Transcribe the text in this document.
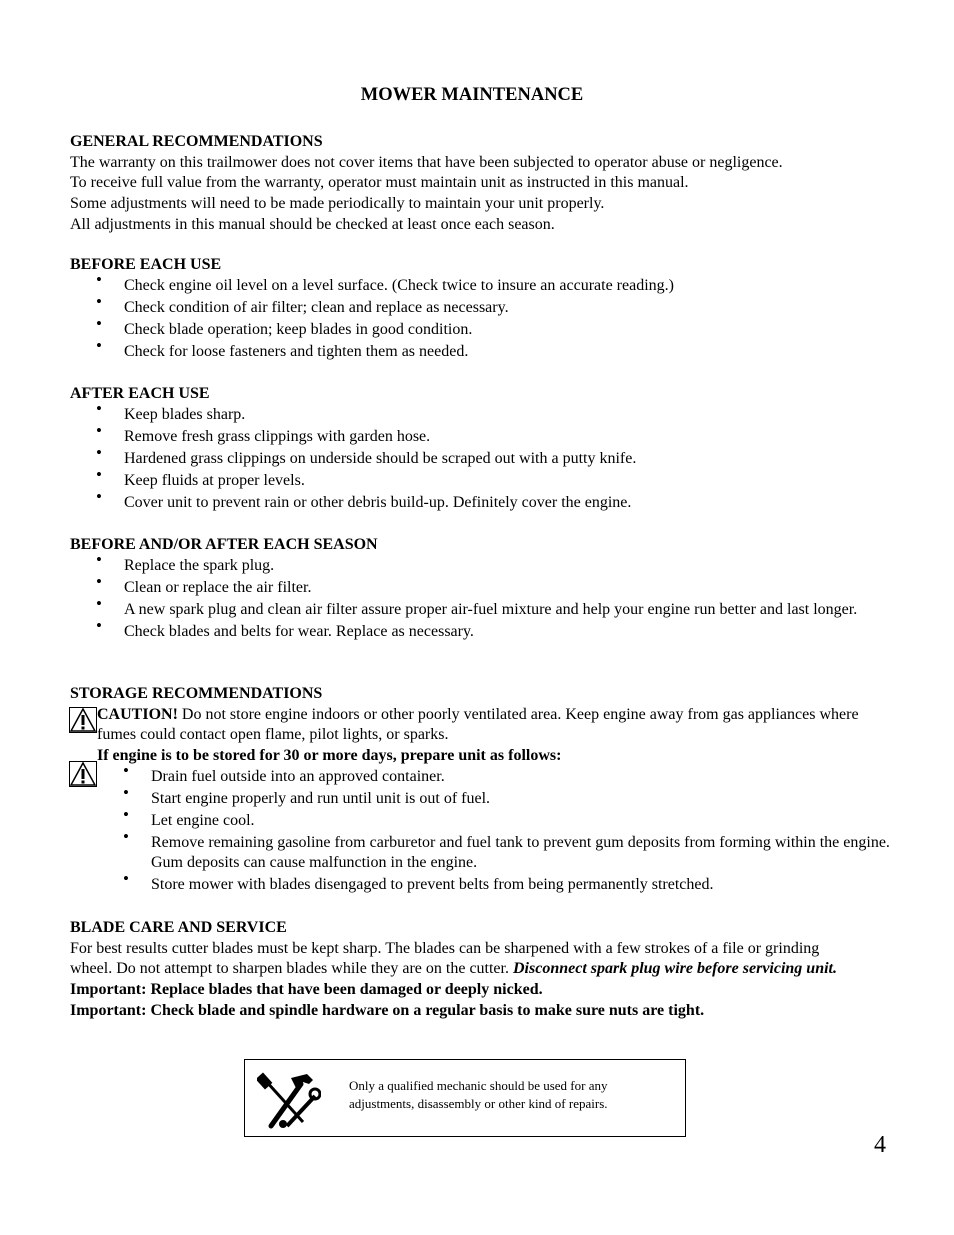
MOWER MAINTENANCE
GENERAL RECOMMENDATIONS
The warranty on this trailmower does not cover items that have been subjected to operator abuse or negligence.
To receive full value from the warranty, operator must maintain unit as instructed in this manual.
Some adjustments will need to be made periodically to maintain your unit properly.
All adjustments in this manual should be checked at least once each season.
BEFORE EACH USE
• Check engine oil level on a level surface. (Check twice to insure an accurate reading.)
• Check condition of air filter; clean and replace as necessary.
• Check blade operation; keep blades in good condition.
• Check for loose fasteners and tighten them as needed.
AFTER EACH USE
• Keep blades sharp.
• Remove fresh grass clippings with garden hose.
• Hardened grass clippings on underside should be scraped out with a putty knife.
• Keep fluids at proper levels.
• Cover unit to prevent rain or other debris build-up. Definitely cover the engine.
BEFORE AND/OR AFTER EACH SEASON
• Replace the spark plug.
• Clean or replace the air filter.
• A new spark plug and clean air filter assure proper air-fuel mixture and help your engine run better and last longer.
• Check blades and belts for wear. Replace as necessary.
STORAGE RECOMMENDATIONS
CAUTION! Do not store engine indoors or other poorly ventilated area. Keep engine away from gas appliances where fumes could contact open flame, pilot lights, or sparks.
If engine is to be stored for 30 or more days, prepare unit as follows:
• Drain fuel outside into an approved container.
• Start engine properly and run until unit is out of fuel.
• Let engine cool.
• Remove remaining gasoline from carburetor and fuel tank to prevent gum deposits from forming within the engine. Gum deposits can cause malfunction in the engine.
• Store mower with blades disengaged to prevent belts from being permanently stretched.
BLADE CARE AND SERVICE
For best results cutter blades must be kept sharp. The blades can be sharpened with a few strokes of a file or grinding wheel. Do not attempt to sharpen blades while they are on the cutter. Disconnect spark plug wire before servicing unit.
Important: Replace blades that have been damaged or deeply nicked.
Important: Check blade and spindle hardware on a regular basis to make sure nuts are tight.
Only a qualified mechanic should be used for any adjustments, disassembly or other kind of repairs.
4
